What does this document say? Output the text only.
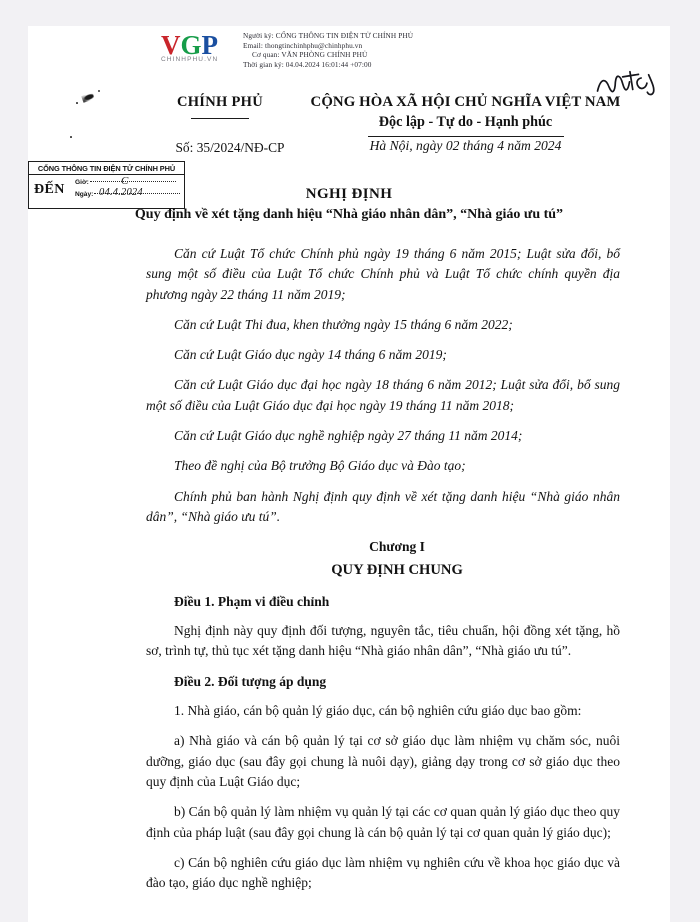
VGP
CHINHPHU.VN
Người ký: CỔNG THÔNG TIN ĐIỆN TỬ CHÍNH PHỦ
Email: thongtinchinhphu@chinhphu.vn
Cơ quan: VĂN PHÒNG CHÍNH PHỦ
Thời gian ký: 04.04.2024 16:01:44 +07:00
CHÍNH PHỦ	CỘNG HÒA XÃ HỘI CHỦ NGHĨA VIỆT NAM
Độc lập - Tự do - Hạnh phúc
Số: 35/2024/NĐ-CP	Hà Nội, ngày 02 tháng 4 năm 2024
CỔNG THÔNG TIN ĐIỆN TỬ CHÍNH PHỦ
ĐẾN Giờ:
Ngày:
C
04.4.2024	NGHỊ ĐỊNH
Quy định về xét tặng danh hiệu “Nhà giáo nhân dân”, “Nhà giáo ưu tú”

Căn cứ Luật Tổ chức Chính phủ ngày 19 tháng 6 năm 2015; Luật sửa đổi, bổ sung một số điều của Luật Tổ chức Chính phủ và Luật Tổ chức chính quyền địa phương ngày 22 tháng 11 năm 2019;

Căn cứ Luật Thi đua, khen thưởng ngày 15 tháng 6 năm 2022;

Căn cứ Luật Giáo dục ngày 14 tháng 6 năm 2019;

Căn cứ Luật Giáo dục đại học ngày 18 tháng 6 năm 2012; Luật sửa đổi, bổ sung một số điều của Luật Giáo dục đại học ngày 19 tháng 11 năm 2018;

Căn cứ Luật Giáo dục nghề nghiệp ngày 27 tháng 11 năm 2014;

Theo đề nghị của Bộ trưởng Bộ Giáo dục và Đào tạo;

Chính phủ ban hành Nghị định quy định về xét tặng danh hiệu “Nhà giáo nhân dân”, “Nhà giáo ưu tú”.

Chương I

QUY ĐỊNH CHUNG

Điều 1. Phạm vi điều chỉnh

Nghị định này quy định đối tượng, nguyên tắc, tiêu chuẩn, hội đồng xét tặng, hồ sơ, trình tự, thủ tục xét tặng danh hiệu “Nhà giáo nhân dân”, “Nhà giáo ưu tú”.

Điều 2. Đối tượng áp dụng

1. Nhà giáo, cán bộ quản lý giáo dục, cán bộ nghiên cứu giáo dục bao gồm:

a) Nhà giáo và cán bộ quản lý tại cơ sở giáo dục làm nhiệm vụ chăm sóc, nuôi dưỡng, giáo dục (sau đây gọi chung là nuôi dạy), giảng dạy trong cơ sở giáo dục theo quy định của Luật Giáo dục;

b) Cán bộ quản lý làm nhiệm vụ quản lý tại các cơ quan quản lý giáo dục theo quy định của pháp luật (sau đây gọi chung là cán bộ quản lý tại cơ quan quản lý giáo dục);

c) Cán bộ nghiên cứu giáo dục làm nhiệm vụ nghiên cứu về khoa học giáo dục và đào tạo, giáo dục nghề nghiệp;
